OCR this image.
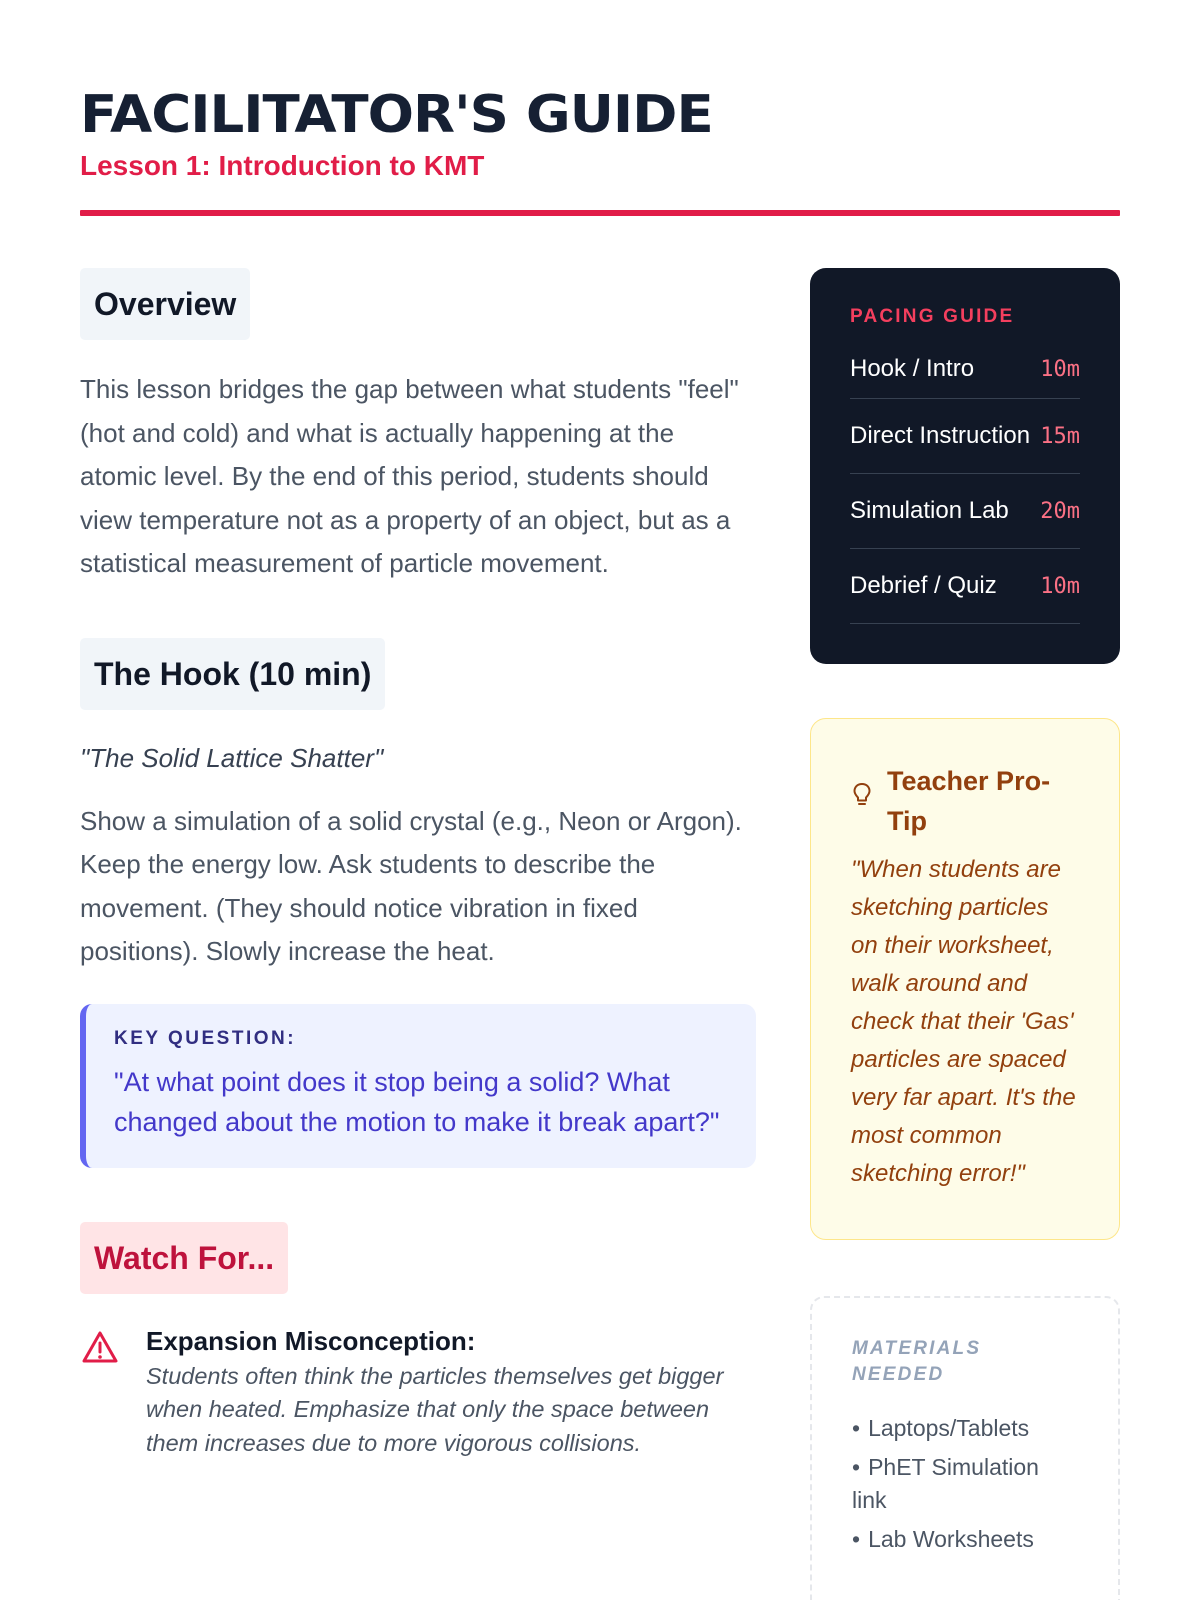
FACILITATOR'S GUIDE
Lesson 1: Introduction to KMT
Overview

This lesson bridges the gap between what students "feel" (hot and cold) and what is actually happening at the atomic level. By the end of this period, students should view temperature not as a property of an object, but as a statistical measurement of particle movement.

The Hook (10 min)
"The Solid Lattice Shatter"

Show a simulation of a solid crystal (e.g., Neon or Argon). Keep the energy low. Ask students to describe the movement. (They should notice vibration in fixed positions). Slowly increase the heat.

KEY QUESTION:
"At what point does it stop being a solid? What changed about the motion to make it break apart?"
Watch For...
Expansion Misconception:
Students often think the particles themselves get bigger when heated. Emphasize that only the space between them increases due to more vigorous collisions.
PACING GUIDE
Hook / Intro	10m
Direct Instruction 15m
Simulation Lab 20m
Debrief / Quiz 10m
Teacher Pro-Tip
"When students are sketching particles on their worksheet, walk around and check that their 'Gas' particles are spaced very far apart. It's the most common sketching error!"
MATERIALS NEEDED
• Laptops/Tablets
• PhET Simulation link
• Lab Worksheets
